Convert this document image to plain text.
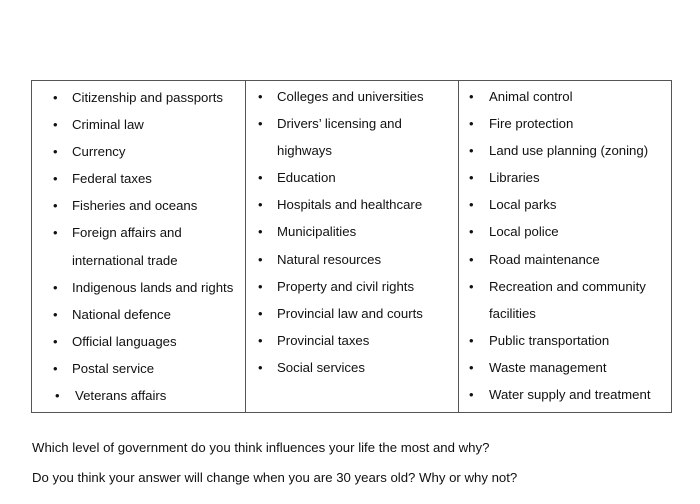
• Citizenship and passports
• Criminal law
• Currency
• Federal taxes
• Fisheries and oceans
• Foreign affairs and international trade
• Indigenous lands and rights
• National defence
• Official languages
• Postal service
• Veterans affairs
• Colleges and universities
• Drivers’ licensing and highways
• Education
• Hospitals and healthcare
• Municipalities
• Natural resources
• Property and civil rights
• Provincial law and courts
• Provincial taxes
• Social services
• Animal control
• Fire protection
• Land use planning (zoning)
• Libraries
• Local parks
• Local police
• Road maintenance
• Recreation and community facilities
• Public transportation
• Waste management
• Water supply and treatment
Which level of government do you think influences your life the most and why?
Do you think your answer will change when you are 30 years old? Why or why not?
